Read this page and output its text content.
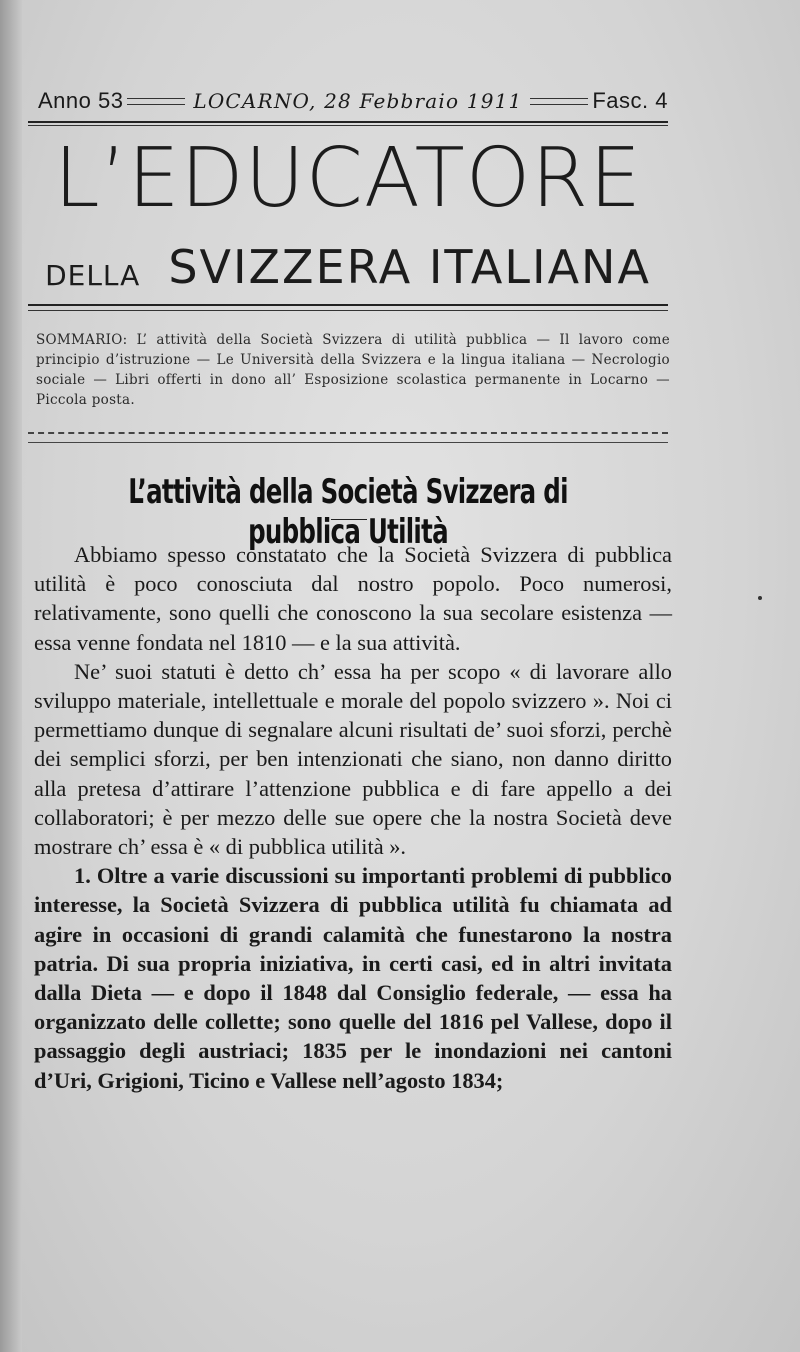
Anno 53	LOCARNO, 28 Febbraio 1911	Fasc. 4
L’EDUCATORE
DELLA SVIZZERA ITALIANA
SOMMARIO: L’ attività della Società Svizzera di utilità pubblica — Il lavoro come principio d’istruzione — Le Università della Svizzera e la lingua italiana — Necrologio sociale — Libri offerti in dono all’ Esposizione scolastica permanente in Locarno — Piccola posta.
L’attività della Società Svizzera di pubblica Utilità

Abbiamo spesso constatato che la Società Svizzera di pubblica utilità è poco conosciuta dal nostro popolo. Poco numerosi, relativamente, sono quelli che conoscono la sua secolare esistenza — essa venne fondata nel 1810 — e la sua attività.

Ne’ suoi statuti è detto ch’ essa ha per scopo « di lavorare allo sviluppo materiale, intellettuale e morale del popolo svizzero ». Noi ci permettiamo dunque di segnalare alcuni risultati de’ suoi sforzi, perchè dei semplici sforzi, per ben intenzionati che siano, non danno diritto alla pretesa d’attirare l’attenzione pubblica e di fare appello a dei collaboratori; è per mezzo delle sue opere che la nostra Società deve mostrare ch’ essa è « di pubblica utilità ».

1. Oltre a varie discussioni su importanti problemi di pubblico interesse, la Società Svizzera di pubblica utilità fu chiamata ad agire in occasioni di grandi calamità che funestarono la nostra patria. Di sua propria iniziativa, in certi casi, ed in altri invitata dalla Dieta — e dopo il 1848 dal Consiglio federale, — essa ha organizzato delle collette; sono quelle del 1816 pel Vallese, dopo il passaggio degli austriaci; 1835 per le inondazioni nei cantoni d’Uri, Grigioni, Ticino e Vallese nell’agosto 1834;
